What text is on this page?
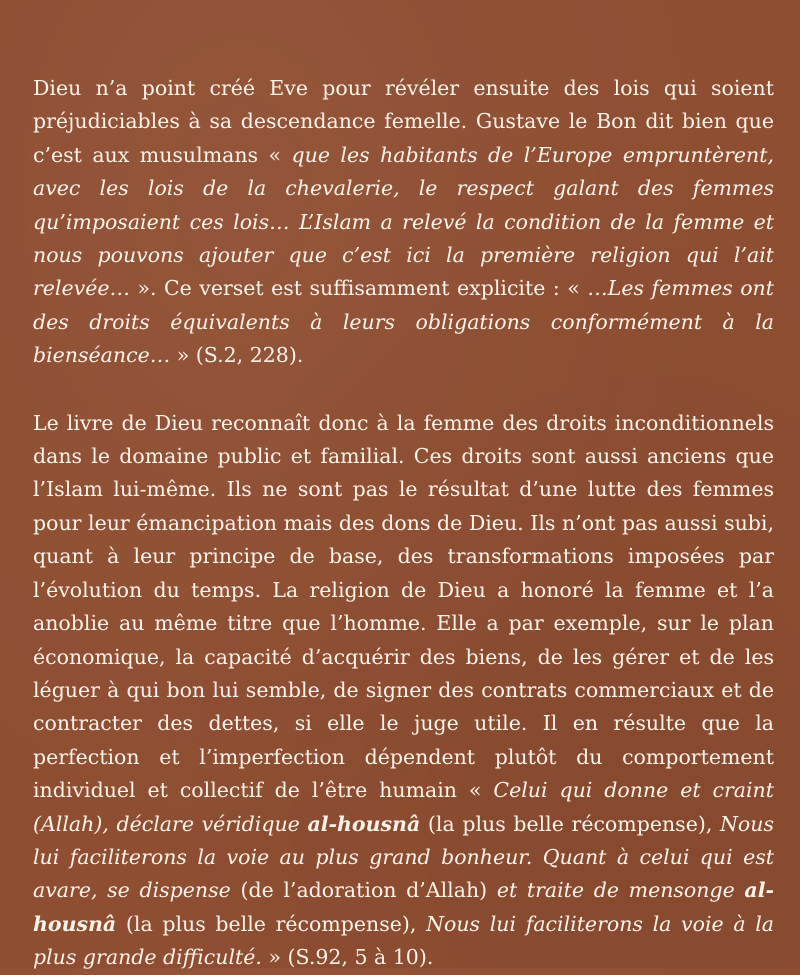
Dieu n’a point créé Eve pour révéler ensuite des lois qui soient préjudiciables à sa descendance femelle. Gustave le Bon dit bien que c’est aux musulmans « que les habitants de l’Europe empruntèrent, avec les lois de la chevalerie, le respect galant des femmes qu’imposaient ces lois… L’Islam a relevé la condition de la femme et nous pouvons ajouter que c’est ici la première religion qui l’ait relevée… ». Ce verset est suffisamment explicite : « …Les femmes ont des droits équivalents à leurs obligations conformément à la bienséance… » (S.2, 228).

Le livre de Dieu reconnaît donc à la femme des droits inconditionnels dans le domaine public et familial. Ces droits sont aussi anciens que l’Islam lui-même. Ils ne sont pas le résultat d’une lutte des femmes pour leur émancipation mais des dons de Dieu. Ils n’ont pas aussi subi, quant à leur principe de base, des transformations imposées par l’évolution du temps. La religion de Dieu a honoré la femme et l’a anoblie au même titre que l’homme. Elle a par exemple, sur le plan économique, la capacité d’acquérir des biens, de les gérer et de les léguer à qui bon lui semble, de signer des contrats commerciaux et de contracter des dettes, si elle le juge utile. Il en résulte que la perfection et l’imperfection dépendent plutôt du comportement individuel et collectif de l’être humain « Celui qui donne et craint (Allah), déclare véridique al-housnâ (la plus belle récompense), Nous lui faciliterons la voie au plus grand bonheur. Quant à celui qui est avare, se dispense (de l’adoration d’Allah) et traite de mensonge al-housnâ (la plus belle récompense), Nous lui faciliterons la voie à la plus grande difficulté. » (S.92, 5 à 10).
